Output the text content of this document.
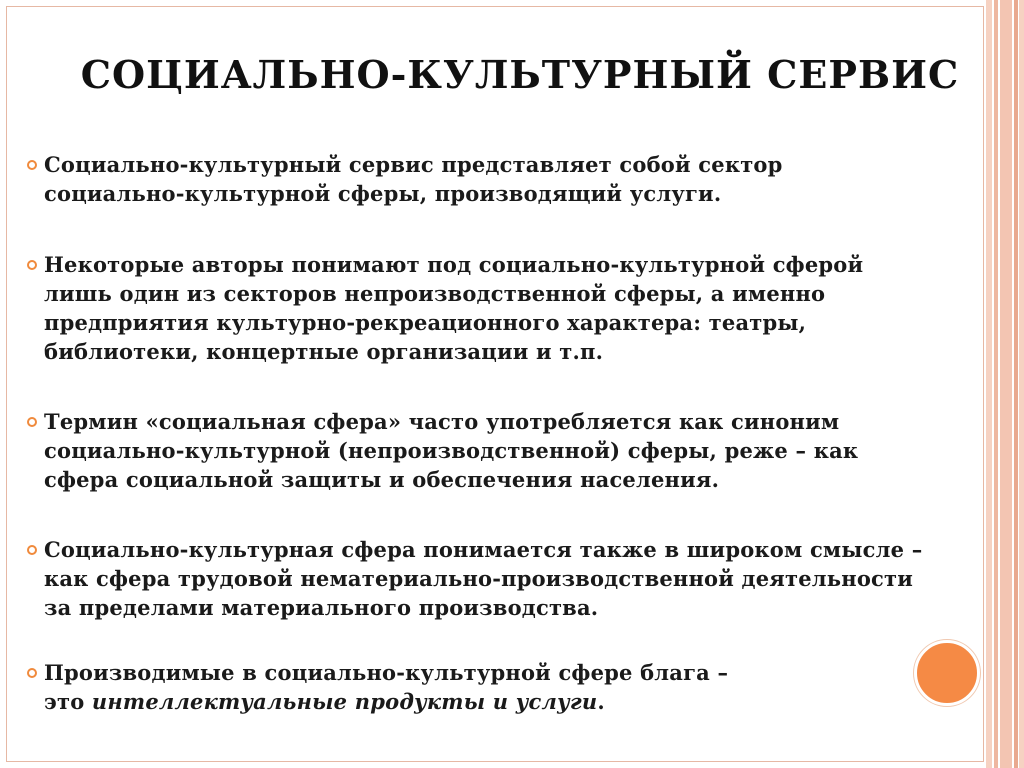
СОЦИАЛЬНО-КУЛЬТУРНЫЙ СЕРВИС
Социально-культурный сервис представляет собой сектор
социально-культурной сферы, производящий услуги.
Некоторые авторы понимают под социально-культурной сферой
лишь один из секторов непроизводственной сферы, а именно
предприятия культурно-рекреационного характера: театры,
библиотеки, концертные организации и т.п.
Термин «социальная сфера» часто употребляется как синоним
социально-культурной (непроизводственной) сферы, реже – как
сфера социальной защиты и обеспечения населения.
Социально-культурная сфера понимается также в широком смысле –
как сфера трудовой нематериально-производственной деятельности
за пределами материального производства.
Производимые в социально-культурной сфере блага –
это интеллектуальные продукты и услуги.
